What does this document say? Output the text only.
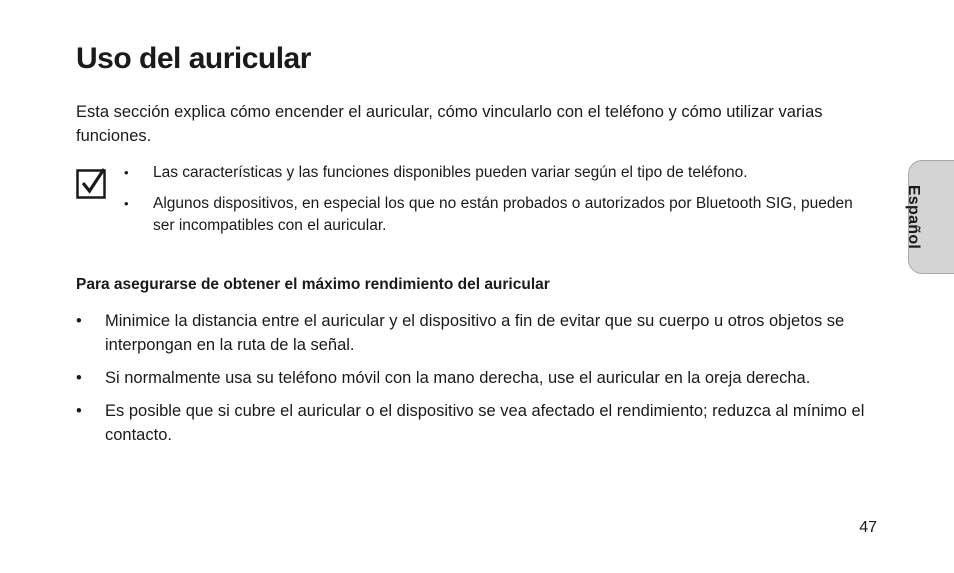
Uso del auricular

Esta sección explica cómo encender el auricular, cómo vincularlo con el teléfono y cómo utilizar varias funciones.

• Las características y las funciones disponibles pueden variar según el tipo de teléfono.
• Algunos dispositivos, en especial los que no están probados o autorizados por Bluetooth SIG, pueden ser incompatibles con el auricular.
Para asegurarse de obtener el máximo rendimiento del auricular
• Minimice la distancia entre el auricular y el dispositivo a fin de evitar que su cuerpo u otros objetos se interpongan en la ruta de la señal.
• Si normalmente usa su teléfono móvil con la mano derecha, use el auricular en la oreja derecha.
• Es posible que si cubre el auricular o el dispositivo se vea afectado el rendimiento; reduzca al mínimo el contacto.
Español
47
